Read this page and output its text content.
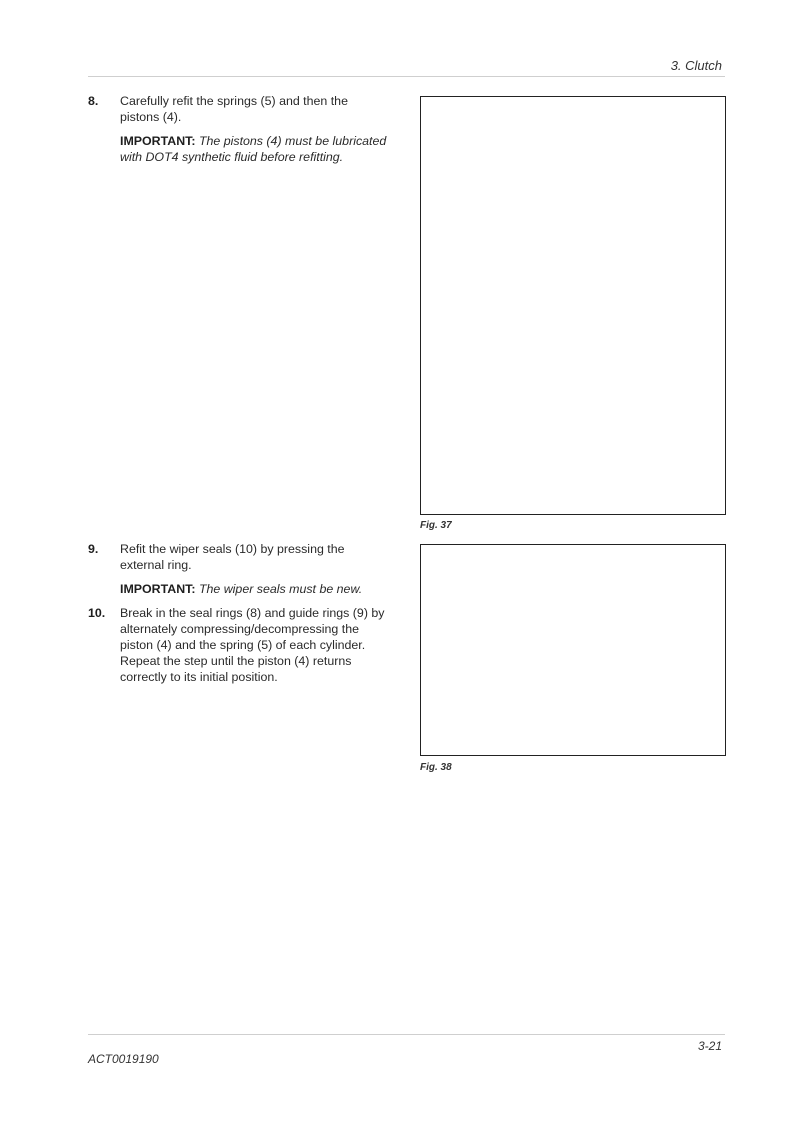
3. Clutch
8. Carefully refit the springs (5) and then the pistons (4).
IMPORTANT: The pistons (4) must be lubricated with DOT4 synthetic fluid before refitting.
Fig. 37
9. Refit the wiper seals (10) by pressing the external ring.
IMPORTANT: The wiper seals must be new.
10. Break in the seal rings (8) and guide rings (9) by alternately compressing/decompressing the piston (4) and the spring (5) of each cylinder. Repeat the step until the piston (4) returns correctly to its initial position.
Fig. 38
3-21
ACT0019190
